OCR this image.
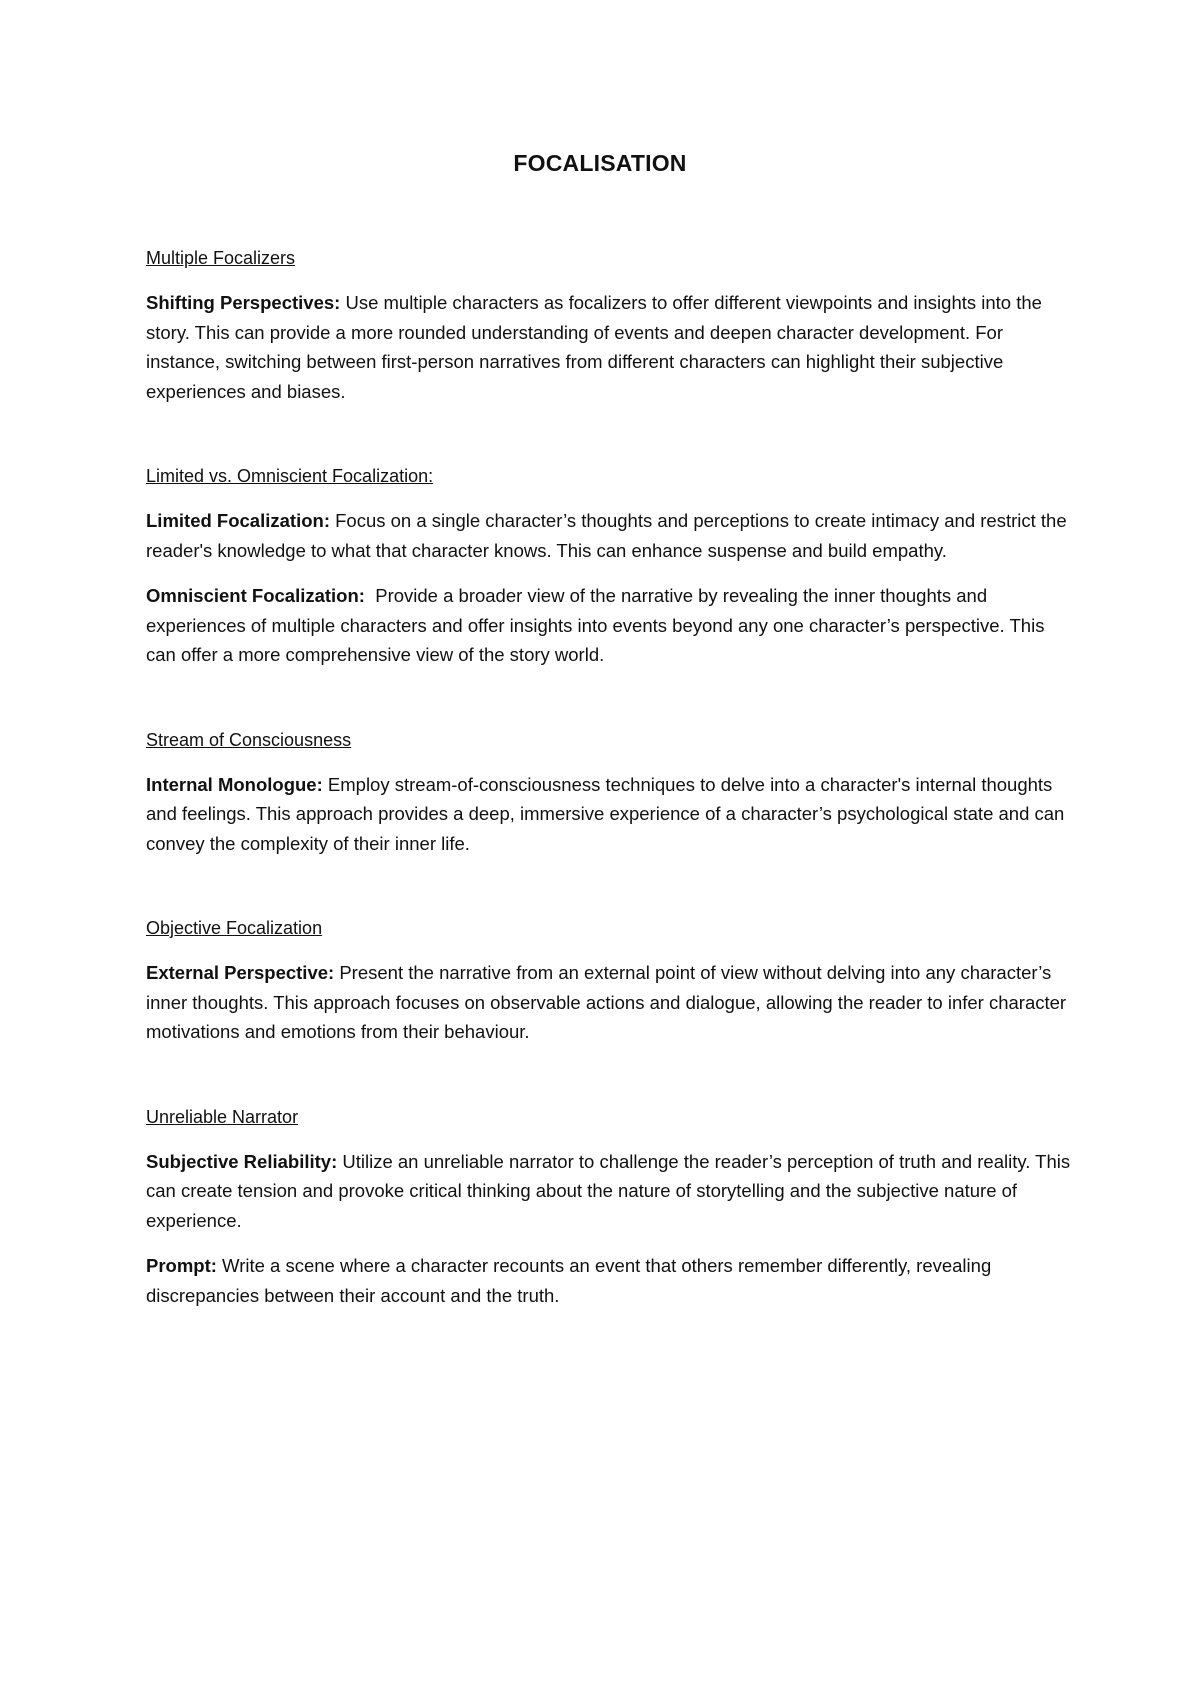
FOCALISATION
Multiple Focalizers

Shifting Perspectives: Use multiple characters as focalizers to offer different viewpoints and insights into the story. This can provide a more rounded understanding of events and deepen character development. For instance, switching between first-person narratives from different characters can highlight their subjective experiences and biases.

Limited vs. Omniscient Focalization:

Limited Focalization: Focus on a single character’s thoughts and perceptions to create intimacy and restrict the reader's knowledge to what that character knows. This can enhance suspense and build empathy.

Omniscient Focalization:  Provide a broader view of the narrative by revealing the inner thoughts and experiences of multiple characters and offer insights into events beyond any one character’s perspective. This can offer a more comprehensive view of the story world.

Stream of Consciousness

Internal Monologue: Employ stream-of-consciousness techniques to delve into a character's internal thoughts and feelings. This approach provides a deep, immersive experience of a character’s psychological state and can convey the complexity of their inner life.

Objective Focalization

External Perspective: Present the narrative from an external point of view without delving into any character’s inner thoughts. This approach focuses on observable actions and dialogue, allowing the reader to infer character motivations and emotions from their behaviour.

Unreliable Narrator

Subjective Reliability: Utilize an unreliable narrator to challenge the reader’s perception of truth and reality. This can create tension and provoke critical thinking about the nature of storytelling and the subjective nature of experience.

Prompt: Write a scene where a character recounts an event that others remember differently, revealing discrepancies between their account and the truth.
